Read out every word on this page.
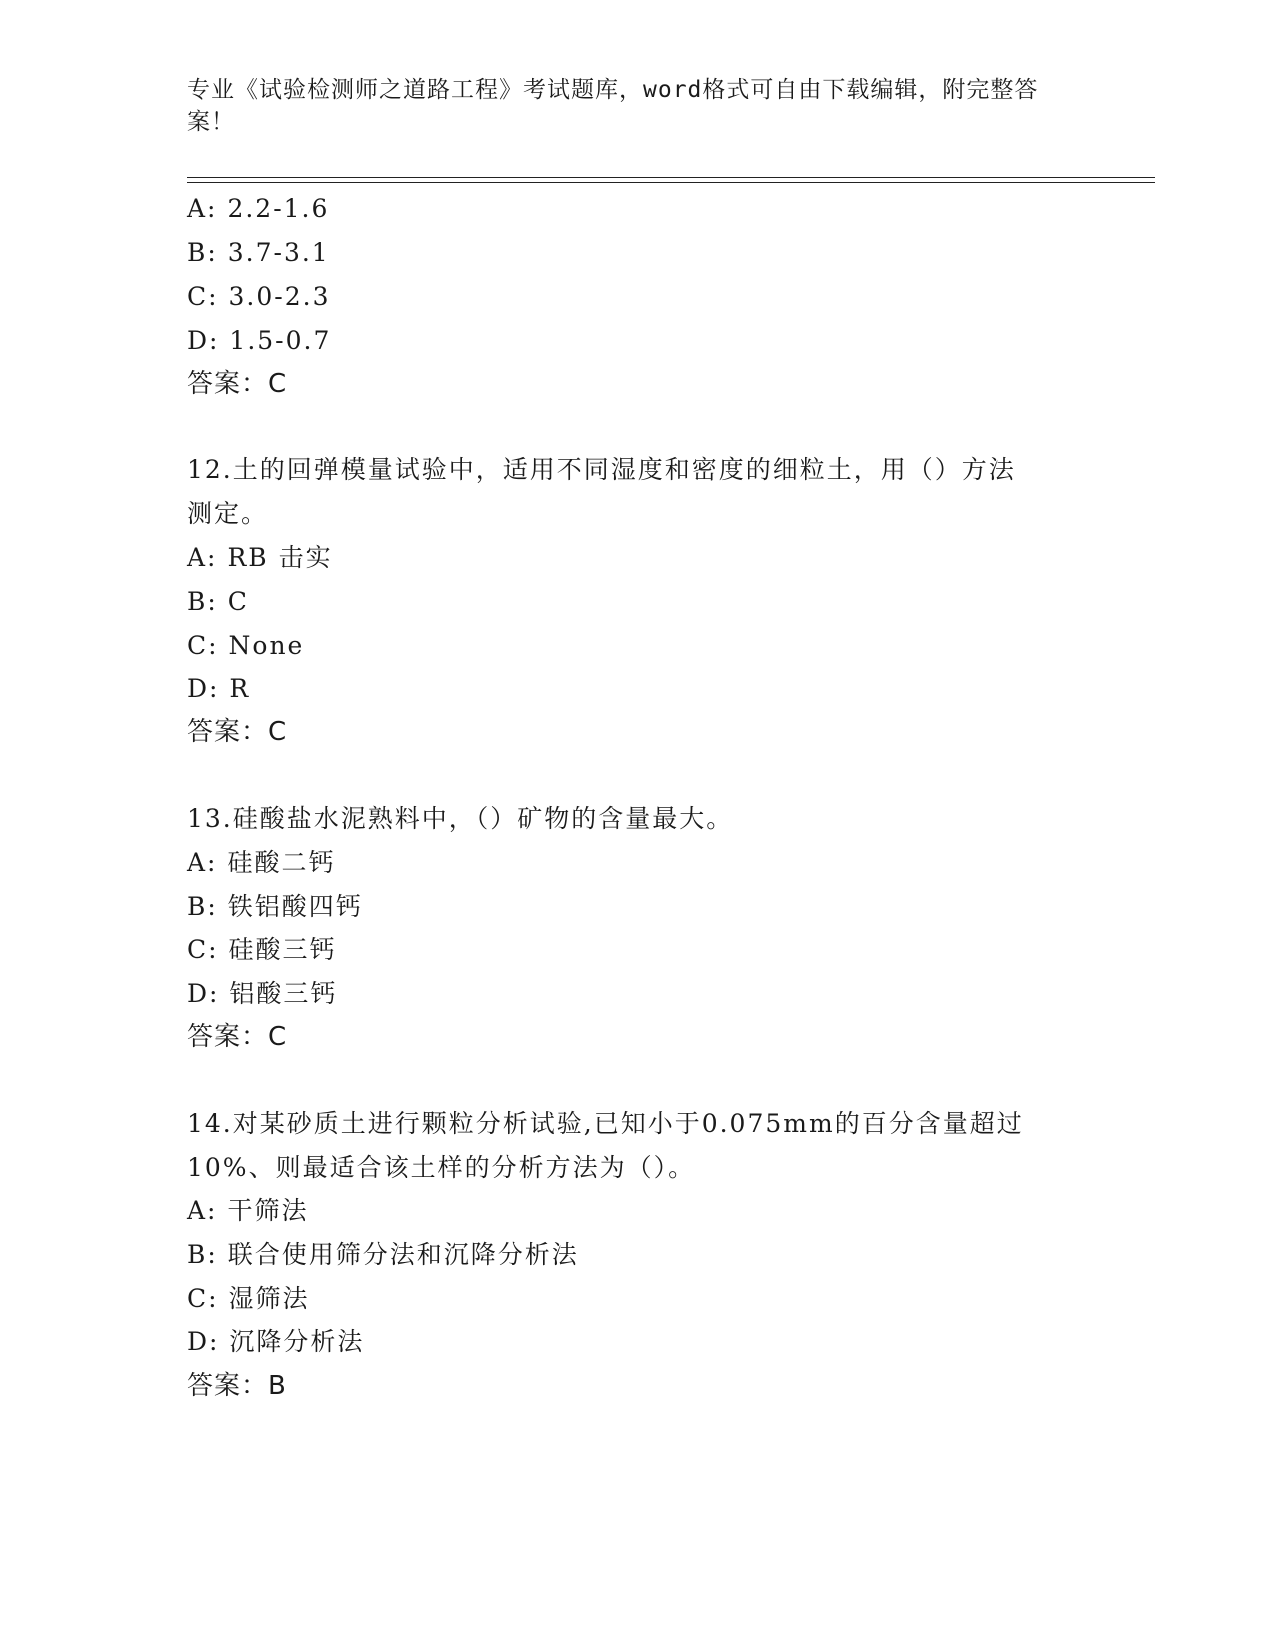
专业《试验检测师之道路工程》考试题库，word格式可自由下载编辑，附完整答案！
A: 2.2-1.6
B: 3.7-3.1
C: 3.0-2.3
D: 1.5-0.7
答案：C
12.土的回弹模量试验中，适用不同湿度和密度的细粒土，用（）方法
测定。
A: RB 击实
B: C
C: None
D: R
答案：C
13.硅酸盐水泥熟料中，（）矿物的含量最大。
A: 硅酸二钙
B: 铁铝酸四钙
C: 硅酸三钙
D: 铝酸三钙
答案：C
14.对某砂质土进行颗粒分析试验,已知小于0.075mm的百分含量超过
10%、则最适合该土样的分析方法为（）。
A: 干筛法
B: 联合使用筛分法和沉降分析法
C: 湿筛法
D: 沉降分析法
答案：B
